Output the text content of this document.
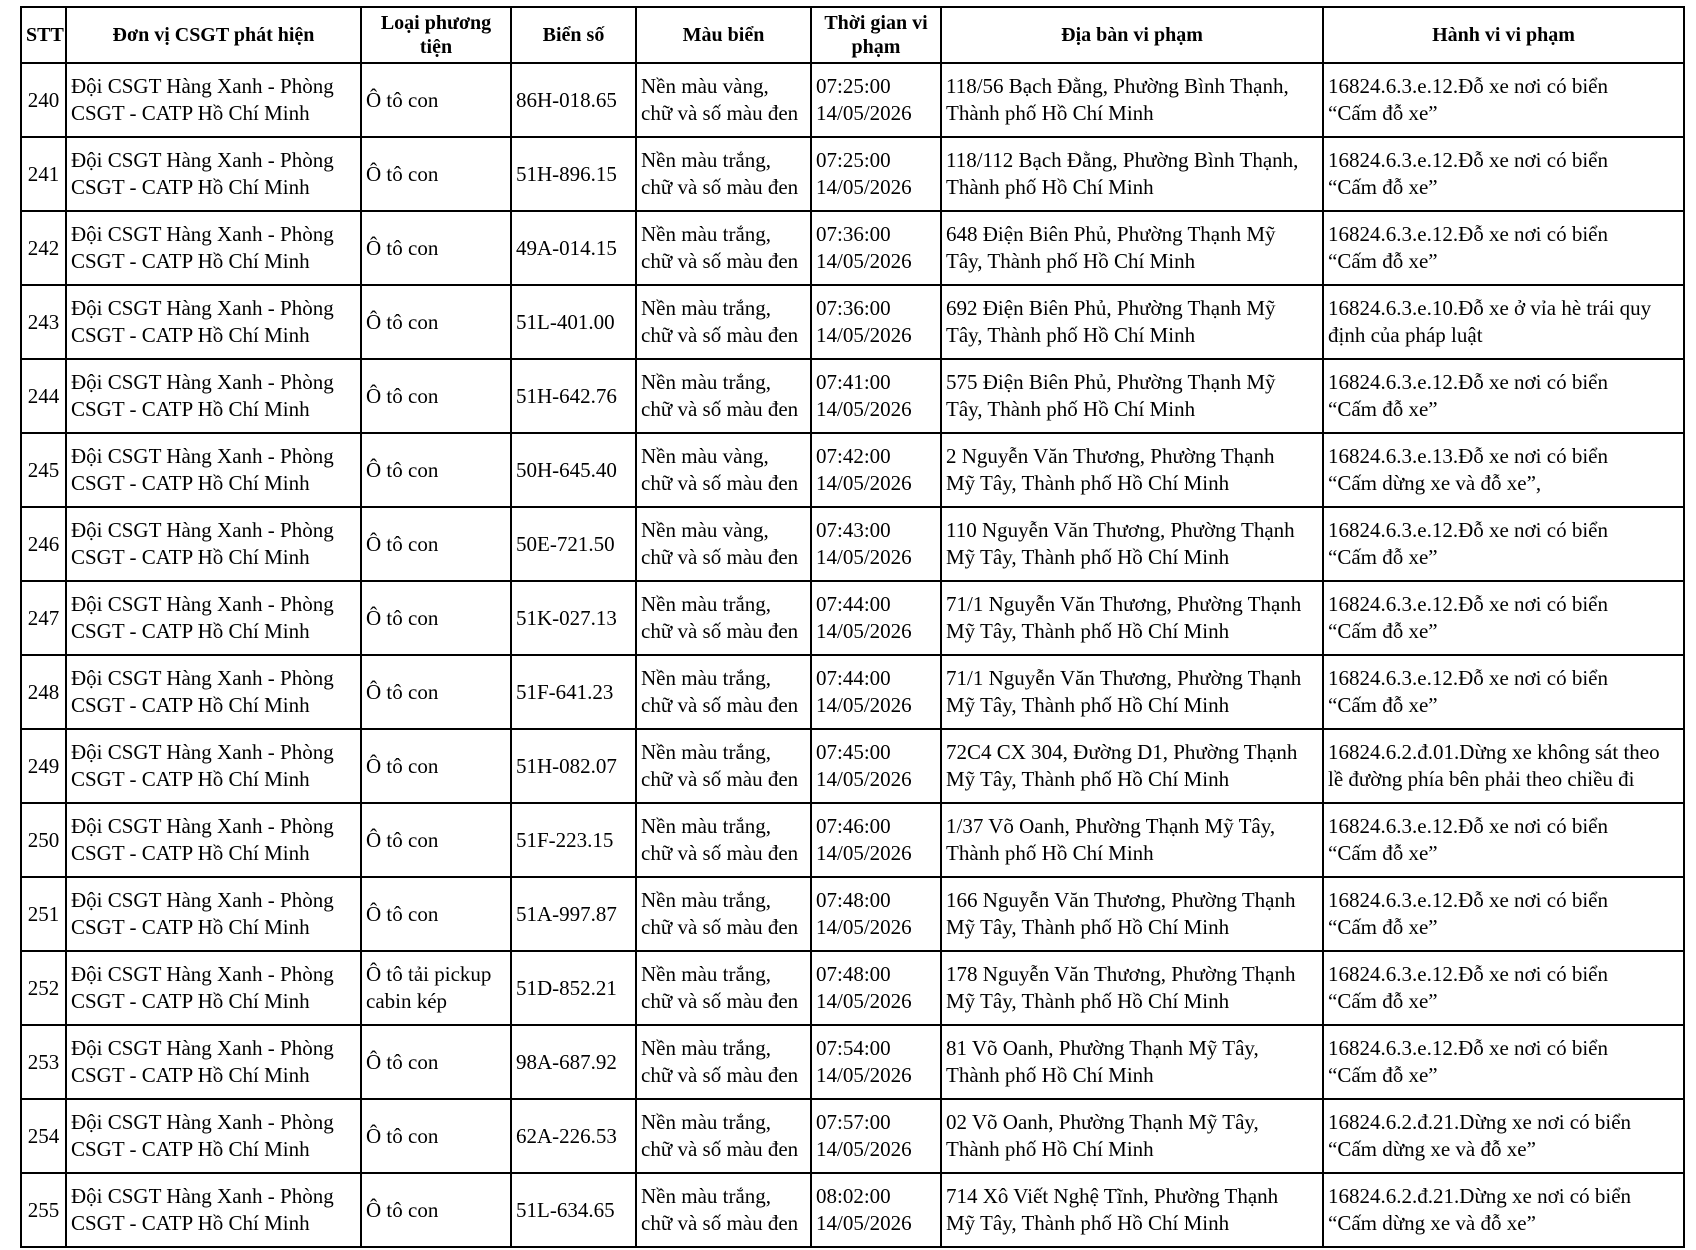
STT	Đơn vị CSGT phát hiện	Loại phương tiện	Biển số	Màu biển	Thời gian vi phạm	Địa bàn vi phạm	Hành vi vi phạm
240	Đội CSGT Hàng Xanh - Phòng
CSGT - CATP Hồ Chí Minh	Ô tô con	86H-018.65	Nền màu vàng,
chữ và số màu đen	07:25:00
14/05/2026	118/56 Bạch Đằng, Phường Bình Thạnh,
Thành phố Hồ Chí Minh	16824.6.3.e.12.Đỗ xe nơi có biển
“Cấm đỗ xe”

241	Đội CSGT Hàng Xanh - Phòng
CSGT - CATP Hồ Chí Minh	Ô tô con	51H-896.15	Nền màu trắng,
chữ và số màu đen	07:25:00
14/05/2026	118/112 Bạch Đằng, Phường Bình Thạnh,
Thành phố Hồ Chí Minh	16824.6.3.e.12.Đỗ xe nơi có biển
“Cấm đỗ xe”

242	Đội CSGT Hàng Xanh - Phòng
CSGT - CATP Hồ Chí Minh	Ô tô con	49A-014.15	Nền màu trắng,
chữ và số màu đen	07:36:00
14/05/2026	648 Điện Biên Phủ, Phường Thạnh Mỹ
Tây, Thành phố Hồ Chí Minh	16824.6.3.e.12.Đỗ xe nơi có biển
“Cấm đỗ xe”

243	Đội CSGT Hàng Xanh - Phòng
CSGT - CATP Hồ Chí Minh	Ô tô con	51L-401.00	Nền màu trắng,
chữ và số màu đen	07:36:00
14/05/2026	692 Điện Biên Phủ, Phường Thạnh Mỹ
Tây, Thành phố Hồ Chí Minh	16824.6.3.e.10.Đỗ xe ở vỉa hè trái quy
định của pháp luật

244	Đội CSGT Hàng Xanh - Phòng
CSGT - CATP Hồ Chí Minh	Ô tô con	51H-642.76	Nền màu trắng,
chữ và số màu đen	07:41:00
14/05/2026	575 Điện Biên Phủ, Phường Thạnh Mỹ
Tây, Thành phố Hồ Chí Minh	16824.6.3.e.12.Đỗ xe nơi có biển
“Cấm đỗ xe”

245	Đội CSGT Hàng Xanh - Phòng
CSGT - CATP Hồ Chí Minh	Ô tô con	50H-645.40	Nền màu vàng,
chữ và số màu đen	07:42:00
14/05/2026	2 Nguyễn Văn Thương, Phường Thạnh
Mỹ Tây, Thành phố Hồ Chí Minh	16824.6.3.e.13.Đỗ xe nơi có biển
“Cấm dừng xe và đỗ xe”,

246	Đội CSGT Hàng Xanh - Phòng
CSGT - CATP Hồ Chí Minh	Ô tô con	50E-721.50	Nền màu vàng,
chữ và số màu đen	07:43:00
14/05/2026	110 Nguyễn Văn Thương, Phường Thạnh
Mỹ Tây, Thành phố Hồ Chí Minh	16824.6.3.e.12.Đỗ xe nơi có biển
“Cấm đỗ xe”

247	Đội CSGT Hàng Xanh - Phòng
CSGT - CATP Hồ Chí Minh	Ô tô con	51K-027.13	Nền màu trắng,
chữ và số màu đen	07:44:00
14/05/2026	71/1 Nguyễn Văn Thương, Phường Thạnh
Mỹ Tây, Thành phố Hồ Chí Minh	16824.6.3.e.12.Đỗ xe nơi có biển
“Cấm đỗ xe”

248	Đội CSGT Hàng Xanh - Phòng
CSGT - CATP Hồ Chí Minh	Ô tô con	51F-641.23	Nền màu trắng,
chữ và số màu đen	07:44:00
14/05/2026	71/1 Nguyễn Văn Thương, Phường Thạnh
Mỹ Tây, Thành phố Hồ Chí Minh	16824.6.3.e.12.Đỗ xe nơi có biển
“Cấm đỗ xe”

249	Đội CSGT Hàng Xanh - Phòng
CSGT - CATP Hồ Chí Minh	Ô tô con	51H-082.07	Nền màu trắng,
chữ và số màu đen	07:45:00
14/05/2026	72C4 CX 304, Đường D1, Phường Thạnh
Mỹ Tây, Thành phố Hồ Chí Minh	16824.6.2.đ.01.Dừng xe không sát theo
lề đường phía bên phải theo chiều đi

250	Đội CSGT Hàng Xanh - Phòng
CSGT - CATP Hồ Chí Minh	Ô tô con	51F-223.15	Nền màu trắng,
chữ và số màu đen	07:46:00
14/05/2026	1/37 Võ Oanh, Phường Thạnh Mỹ Tây,
Thành phố Hồ Chí Minh	16824.6.3.e.12.Đỗ xe nơi có biển
“Cấm đỗ xe”

251	Đội CSGT Hàng Xanh - Phòng
CSGT - CATP Hồ Chí Minh	Ô tô con	51A-997.87	Nền màu trắng,
chữ và số màu đen	07:48:00
14/05/2026	166 Nguyễn Văn Thương, Phường Thạnh
Mỹ Tây, Thành phố Hồ Chí Minh	16824.6.3.e.12.Đỗ xe nơi có biển
“Cấm đỗ xe”

252	Đội CSGT Hàng Xanh - Phòng
CSGT - CATP Hồ Chí Minh	Ô tô tải pickup
cabin kép	51D-852.21	Nền màu trắng,
chữ và số màu đen	07:48:00
14/05/2026	178 Nguyễn Văn Thương, Phường Thạnh
Mỹ Tây, Thành phố Hồ Chí Minh	16824.6.3.e.12.Đỗ xe nơi có biển
“Cấm đỗ xe”

253	Đội CSGT Hàng Xanh - Phòng
CSGT - CATP Hồ Chí Minh	Ô tô con	98A-687.92	Nền màu trắng,
chữ và số màu đen	07:54:00
14/05/2026	81 Võ Oanh, Phường Thạnh Mỹ Tây,
Thành phố Hồ Chí Minh	16824.6.3.e.12.Đỗ xe nơi có biển
“Cấm đỗ xe”

254	Đội CSGT Hàng Xanh - Phòng
CSGT - CATP Hồ Chí Minh	Ô tô con	62A-226.53	Nền màu trắng,
chữ và số màu đen	07:57:00
14/05/2026	02 Võ Oanh, Phường Thạnh Mỹ Tây,
Thành phố Hồ Chí Minh	16824.6.2.đ.21.Dừng xe nơi có biển
“Cấm dừng xe và đỗ xe”

255	Đội CSGT Hàng Xanh - Phòng
CSGT - CATP Hồ Chí Minh	Ô tô con	51L-634.65	Nền màu trắng,
chữ và số màu đen	08:02:00
14/05/2026	714 Xô Viết Nghệ Tĩnh, Phường Thạnh
Mỹ Tây, Thành phố Hồ Chí Minh	16824.6.2.đ.21.Dừng xe nơi có biển
“Cấm dừng xe và đỗ xe”
